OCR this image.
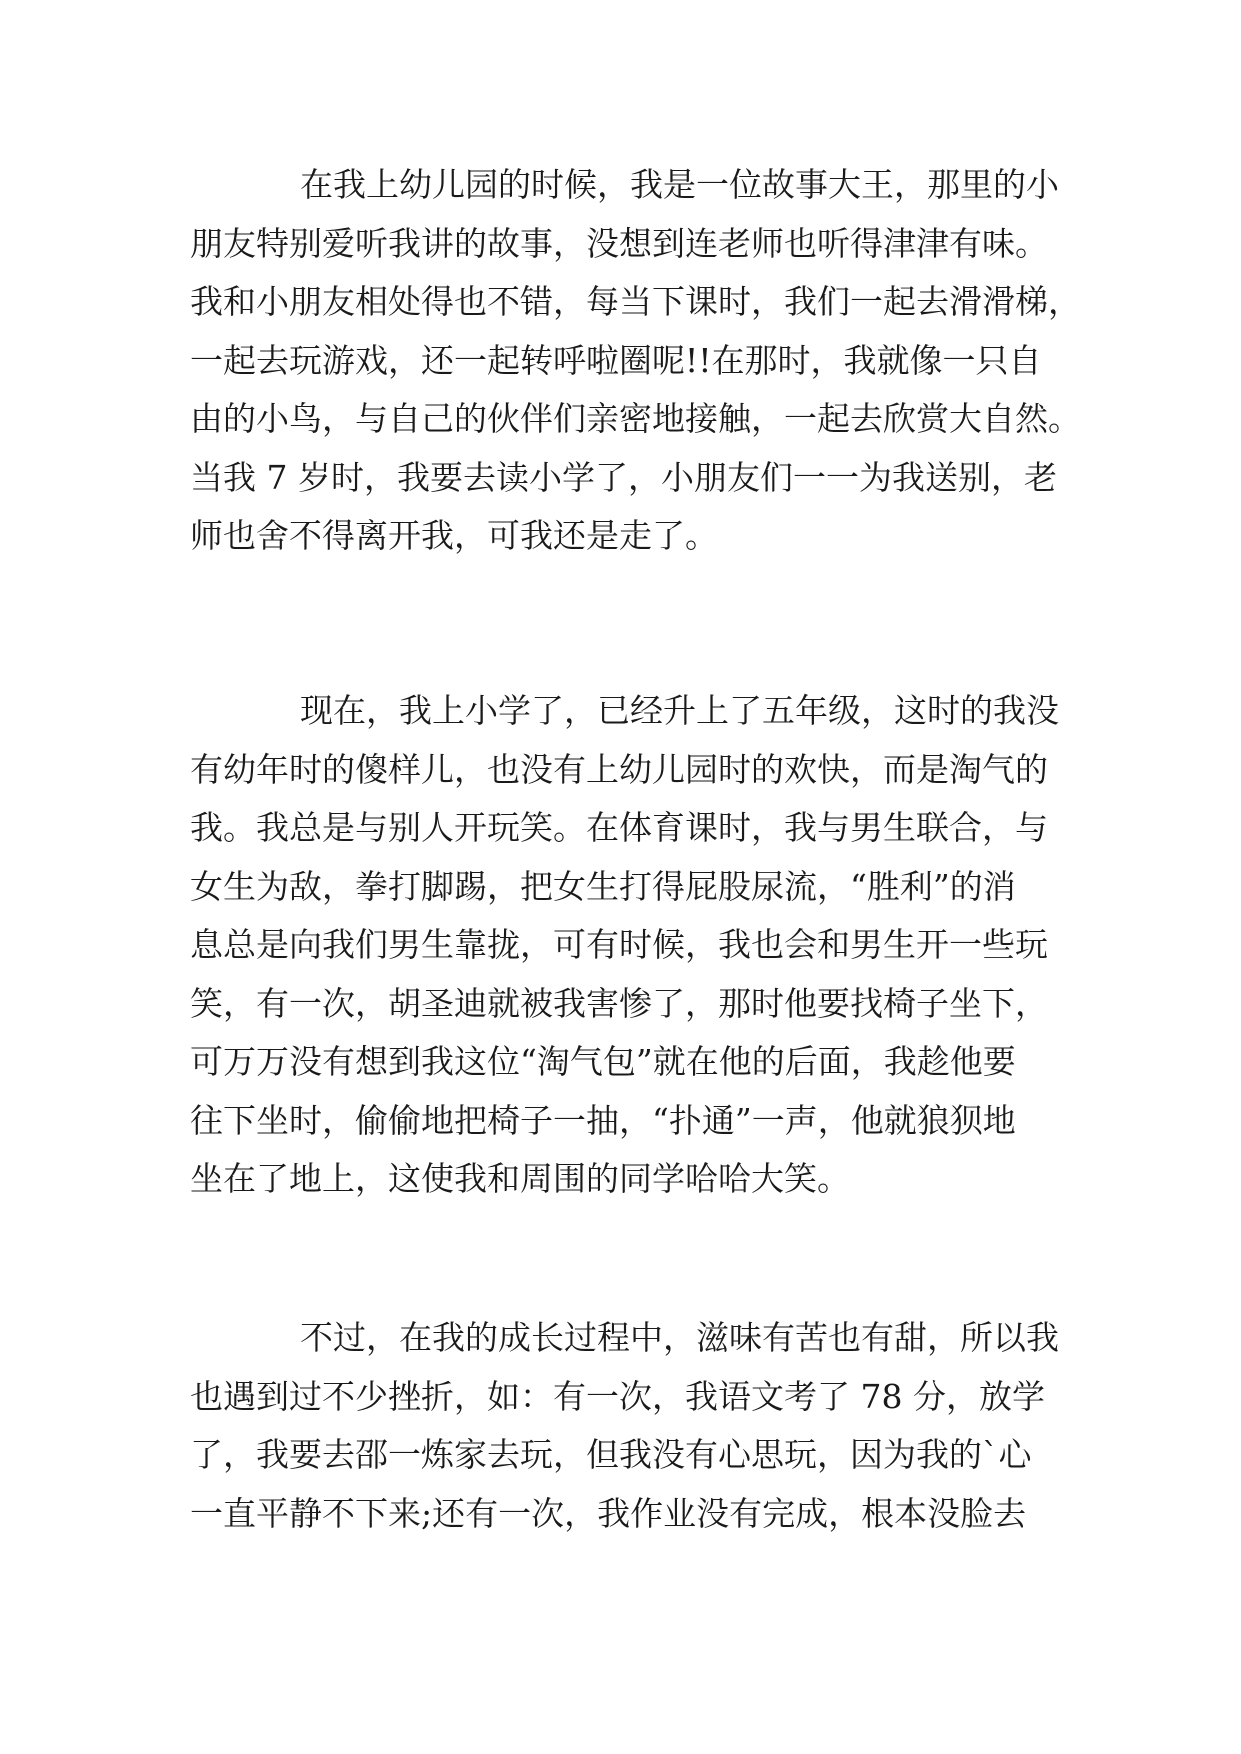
在我上幼儿园的时候，我是一位故事大王，那里的小
朋友特别爱听我讲的故事，没想到连老师也听得津津有味。
我和小朋友相处得也不错，每当下课时，我们一起去滑滑梯，
一起去玩游戏，还一起转呼啦圈呢!!在那时，我就像一只自
由的小鸟，与自己的伙伴们亲密地接触，一起去欣赏大自然。
当我 7 岁时，我要去读小学了，小朋友们一一为我送别，老
师也舍不得离开我，可我还是走了。
现在，我上小学了，已经升上了五年级，这时的我没
有幼年时的傻样儿，也没有上幼儿园时的欢快，而是淘气的
我。我总是与别人开玩笑。在体育课时，我与男生联合，与
女生为敌，拳打脚踢，把女生打得屁股尿流，“胜利”的消
息总是向我们男生靠拢，可有时候，我也会和男生开一些玩
笑，有一次，胡圣迪就被我害惨了，那时他要找椅子坐下，
可万万没有想到我这位“淘气包”就在他的后面，我趁他要
往下坐时，偷偷地把椅子一抽，“扑通”一声，他就狼狈地
坐在了地上，这使我和周围的同学哈哈大笑。
不过，在我的成长过程中，滋味有苦也有甜，所以我
也遇到过不少挫折，如：有一次，我语文考了 78 分，放学
了，我要去邵一炼家去玩，但我没有心思玩，因为我的`心
一直平静不下来;还有一次，我作业没有完成，根本没脸去
